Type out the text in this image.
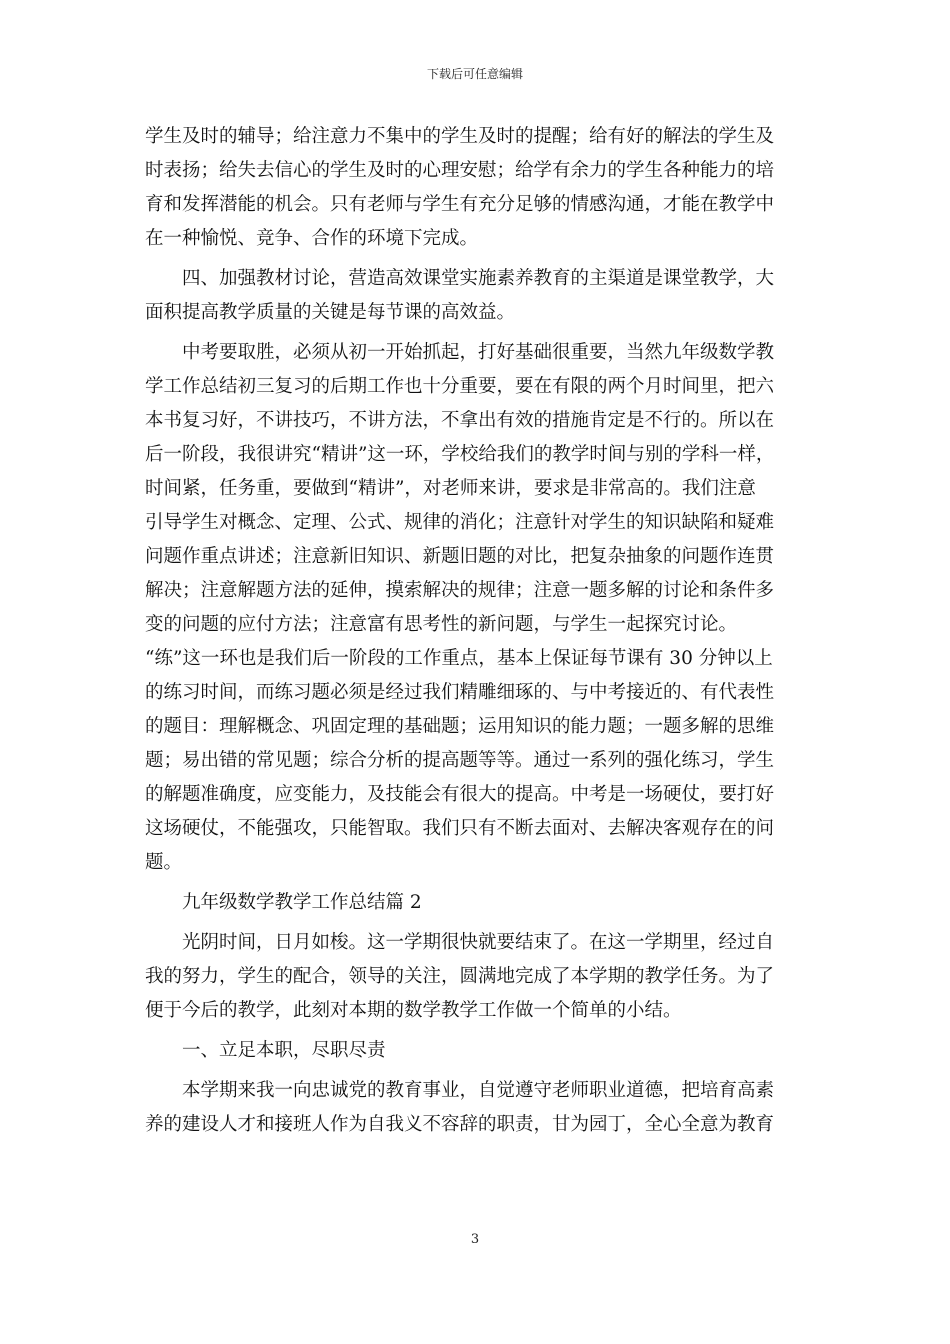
下载后可任意编辑
学生及时的辅导；给注意力不集中的学生及时的提醒；给有好的解法的学生及
时表扬；给失去信心的学生及时的心理安慰；给学有余力的学生各种能力的培
育和发挥潜能的机会。只有老师与学生有充分足够的情感沟通，才能在教学中
在一种愉悦、竞争、合作的环境下完成。
四、加强教材讨论，营造高效课堂实施素养教育的主渠道是课堂教学，大
面积提高教学质量的关键是每节课的高效益。
中考要取胜，必须从初一开始抓起，打好基础很重要，当然九年级数学教
学工作总结初三复习的后期工作也十分重要，要在有限的两个月时间里，把六
本书复习好，不讲技巧，不讲方法，不拿出有效的措施肯定是不行的。所以在
后一阶段，我很讲究“精讲”这一环，学校给我们的教学时间与别的学科一样，
时间紧，任务重，要做到“精讲”，对老师来讲，要求是非常高的。我们注意
引导学生对概念、定理、公式、规律的消化；注意针对学生的知识缺陷和疑难
问题作重点讲述；注意新旧知识、新题旧题的对比，把复杂抽象的问题作连贯
解决；注意解题方法的延伸，摸索解决的规律；注意一题多解的讨论和条件多
变的问题的应付方法；注意富有思考性的新问题，与学生一起探究讨论。
“练”这一环也是我们后一阶段的工作重点，基本上保证每节课有 30 分钟以上
的练习时间，而练习题必须是经过我们精雕细琢的、与中考接近的、有代表性
的题目：理解概念、巩固定理的基础题；运用知识的能力题；一题多解的思维
题；易出错的常见题；综合分析的提高题等等。通过一系列的强化练习，学生
的解题准确度，应变能力，及技能会有很大的提高。中考是一场硬仗，要打好
这场硬仗，不能强攻，只能智取。我们只有不断去面对、去解决客观存在的问
题。
九年级数学教学工作总结篇 2
光阴时间，日月如梭。这一学期很快就要结束了。在这一学期里，经过自
我的努力，学生的配合，领导的关注，圆满地完成了本学期的教学任务。为了
便于今后的教学，此刻对本期的数学教学工作做一个简单的小结。
一、立足本职，尽职尽责
本学期来我一向忠诚党的教育事业，自觉遵守老师职业道德，把培育高素
养的建设人才和接班人作为自我义不容辞的职责，甘为园丁，全心全意为教育
3
